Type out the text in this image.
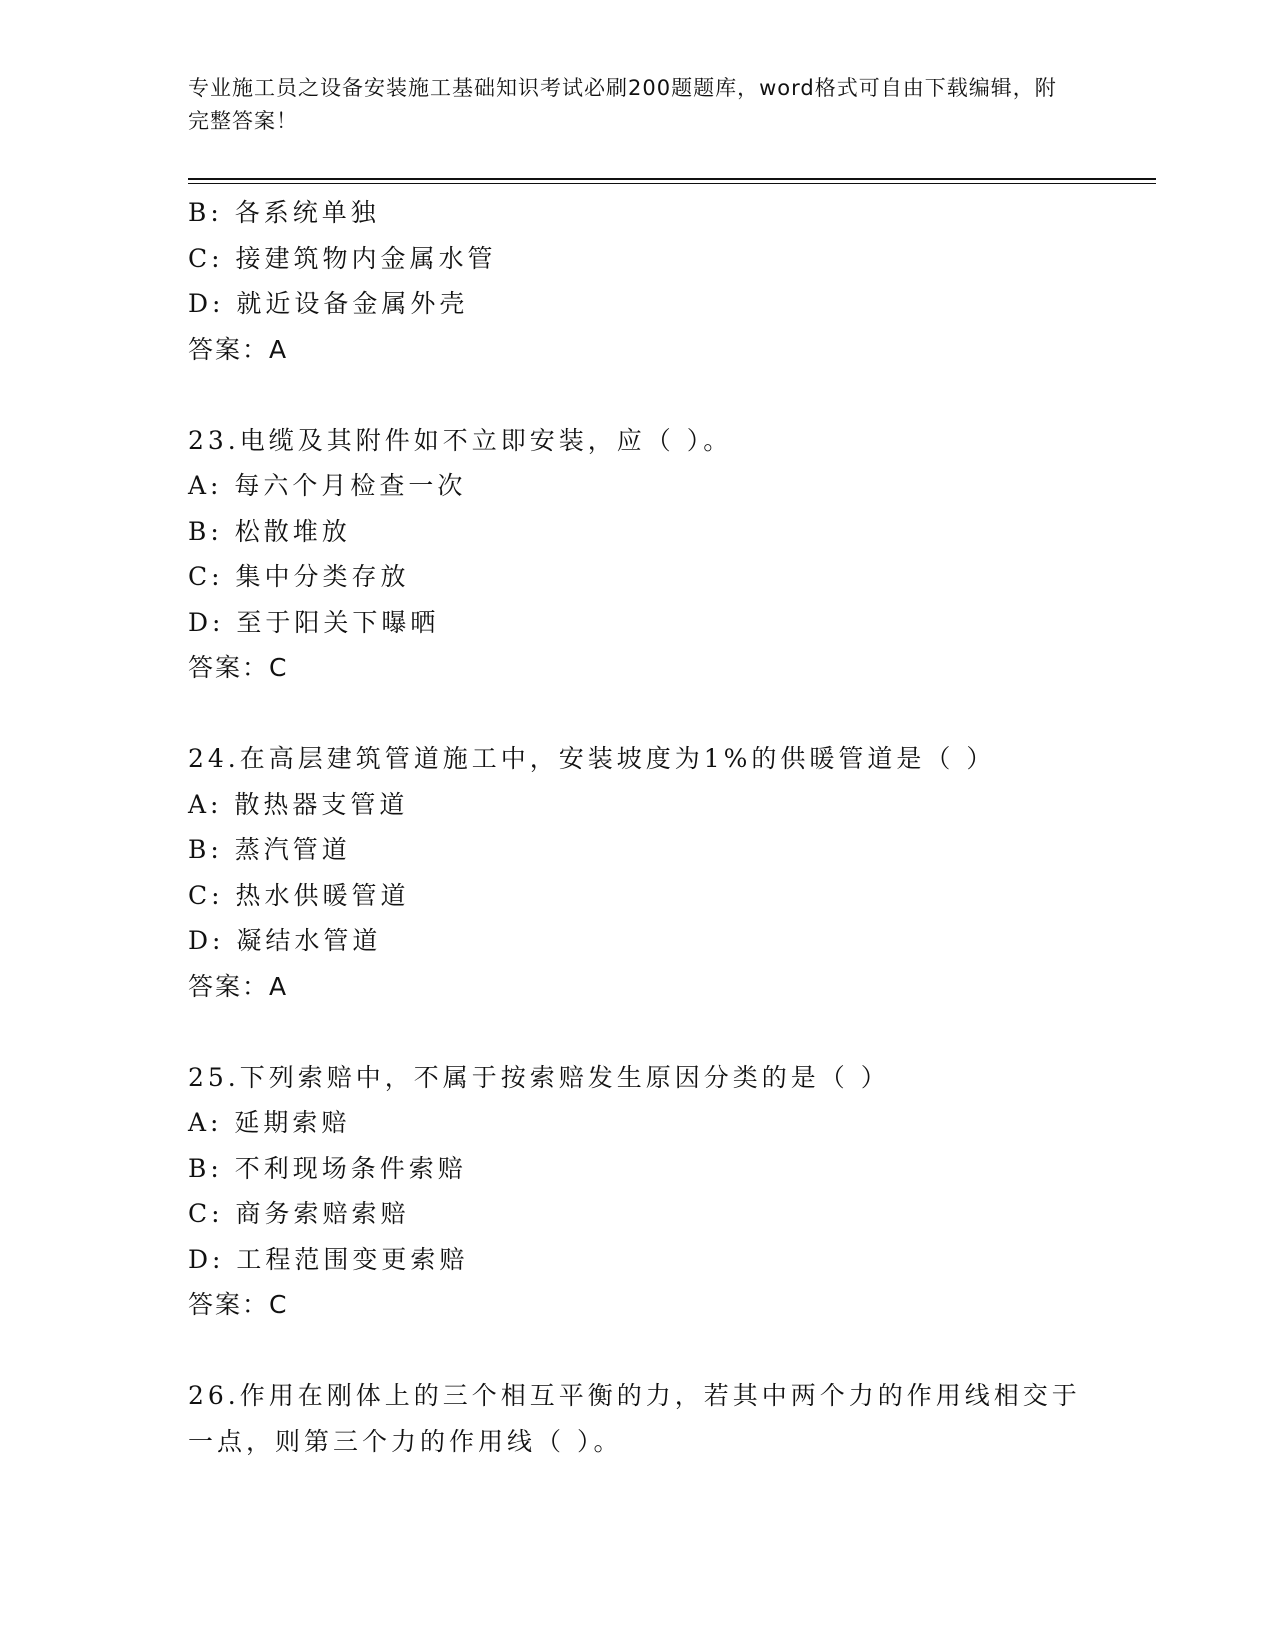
专业施工员之设备安装施工基础知识考试必刷200题题库，word格式可自由下载编辑，附完整答案！
B: 各系统单独
C: 接建筑物内金属水管
D: 就近设备金属外壳
答案：A
23.电缆及其附件如不立即安装，应（ ）。
A: 每六个月检查一次
B: 松散堆放
C: 集中分类存放
D: 至于阳关下曝晒
答案：C
24.在高层建筑管道施工中，安装坡度为1%的供暖管道是（ ）
A: 散热器支管道
B: 蒸汽管道
C: 热水供暖管道
D: 凝结水管道
答案：A
25.下列索赔中，不属于按索赔发生原因分类的是（ ）
A: 延期索赔
B: 不利现场条件索赔
C: 商务索赔索赔
D: 工程范围变更索赔
答案：C
26.作用在刚体上的三个相互平衡的力，若其中两个力的作用线相交于
一点，则第三个力的作用线（ ）。
